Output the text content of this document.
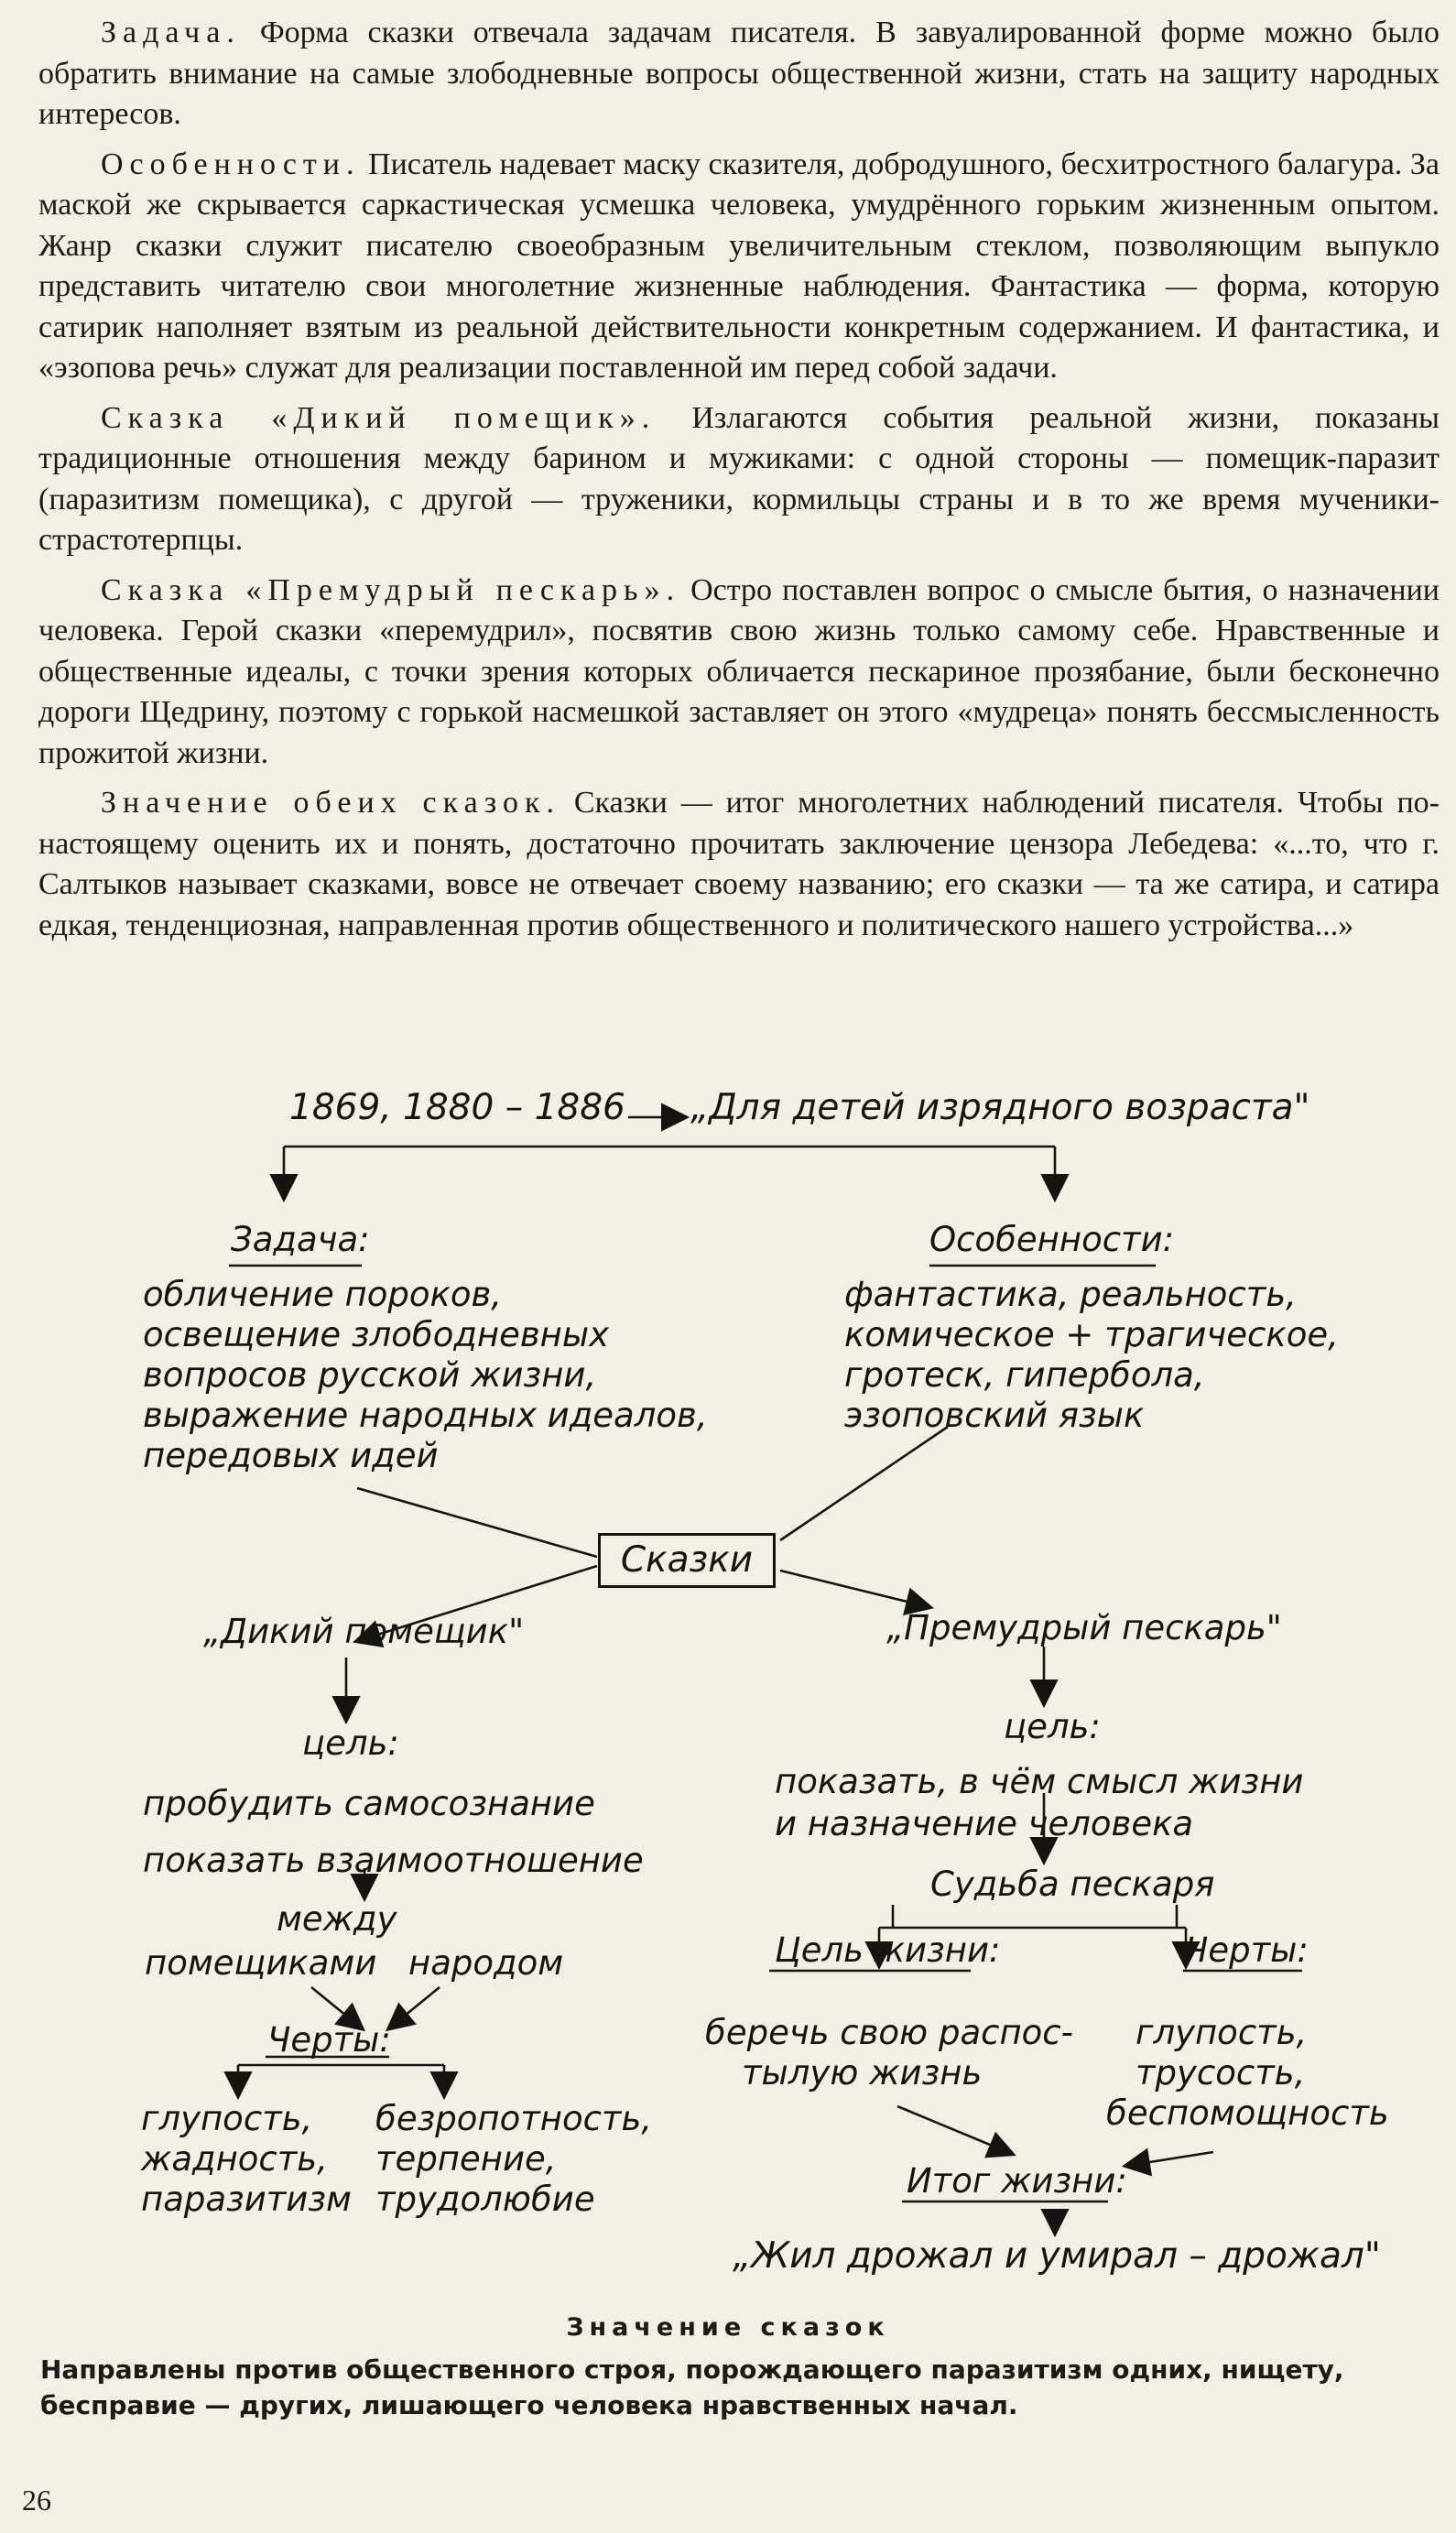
Задача. Форма сказки отвечала задачам писателя. В завуалированной форме можно было обратить внимание на самые злободневные вопросы общественной жизни, стать на защиту народных интересов.

Особенности. Писатель надевает маску сказителя, добродушного, бесхитростного балагура. За маской же скрывается саркастическая усмешка человека, умудрённого горьким жизненным опытом. Жанр сказки служит писателю своеобразным увеличительным стеклом, позволяющим выпукло представить читателю свои многолетние жизненные наблюдения. Фантастика — форма, которую сатирик наполняет взятым из реальной действительности конкретным содержанием. И фантастика, и «эзопова речь» служат для реализации поставленной им перед собой задачи.

Сказка «Дикий помещик». Излагаются события реальной жизни, показаны традиционные отношения между барином и мужиками: с одной стороны — помещик-паразит (паразитизм помещика), с другой — труженики, кормильцы страны и в то же время мученики-страстотерпцы.

Сказка «Премудрый пескарь». Остро поставлен вопрос о смысле бытия, о назначении человека. Герой сказки «перемудрил», посвятив свою жизнь только самому себе. Нравственные и общественные идеалы, с точки зрения которых обличается пескариное прозябание, были бесконечно дороги Щедрину, поэтому с горькой насмешкой заставляет он этого «мудреца» понять бессмысленность прожитой жизни.

Значение обеих сказок. Сказки — итог многолетних наблюдений писателя. Чтобы по-настоящему оценить их и понять, достаточно прочитать заключение цензора Лебедева: «...то, что г. Салтыков называет сказками, вовсе не отвечает своему названию; его сказки — та же сатира, и сатира едкая, тенденциозная, направленная против общественного и политического нашего устройства...»

1869, 1880 – 1886 „Для детей изрядного возраста"
Задача:
обличение пороков,
освещение злободневных
вопросов русской жизни,
выражение народных идеалов,
передовых идей
Особенности:
фантастика, реальность,
комическое + трагическое,
гротеск, гипербола,
эзоповский язык
Сказки
„Дикий помещик"	„Премудрый пескарь"
цель:	цель:
пробудить самосознание
показать взаимоотношение
между
помещиками народом
Черты:
глупость,
жадность,
паразитизм
безропотность,
терпение,
трудолюбие
показать, в чём смысл жизни
и назначение человека
Судьба пескаря
Цель жизни:	Черты:
беречь свою распос-
тылую жизнь
глупость,
трусость,
беспомощность
Итог жизни:
„Жил дрожал и умирал – дрожал"
Значение сказок
Направлены против общественного строя, порождающего паразитизм одних, нищету, бесправие — других, лишающего человека нравственных начал.
26
